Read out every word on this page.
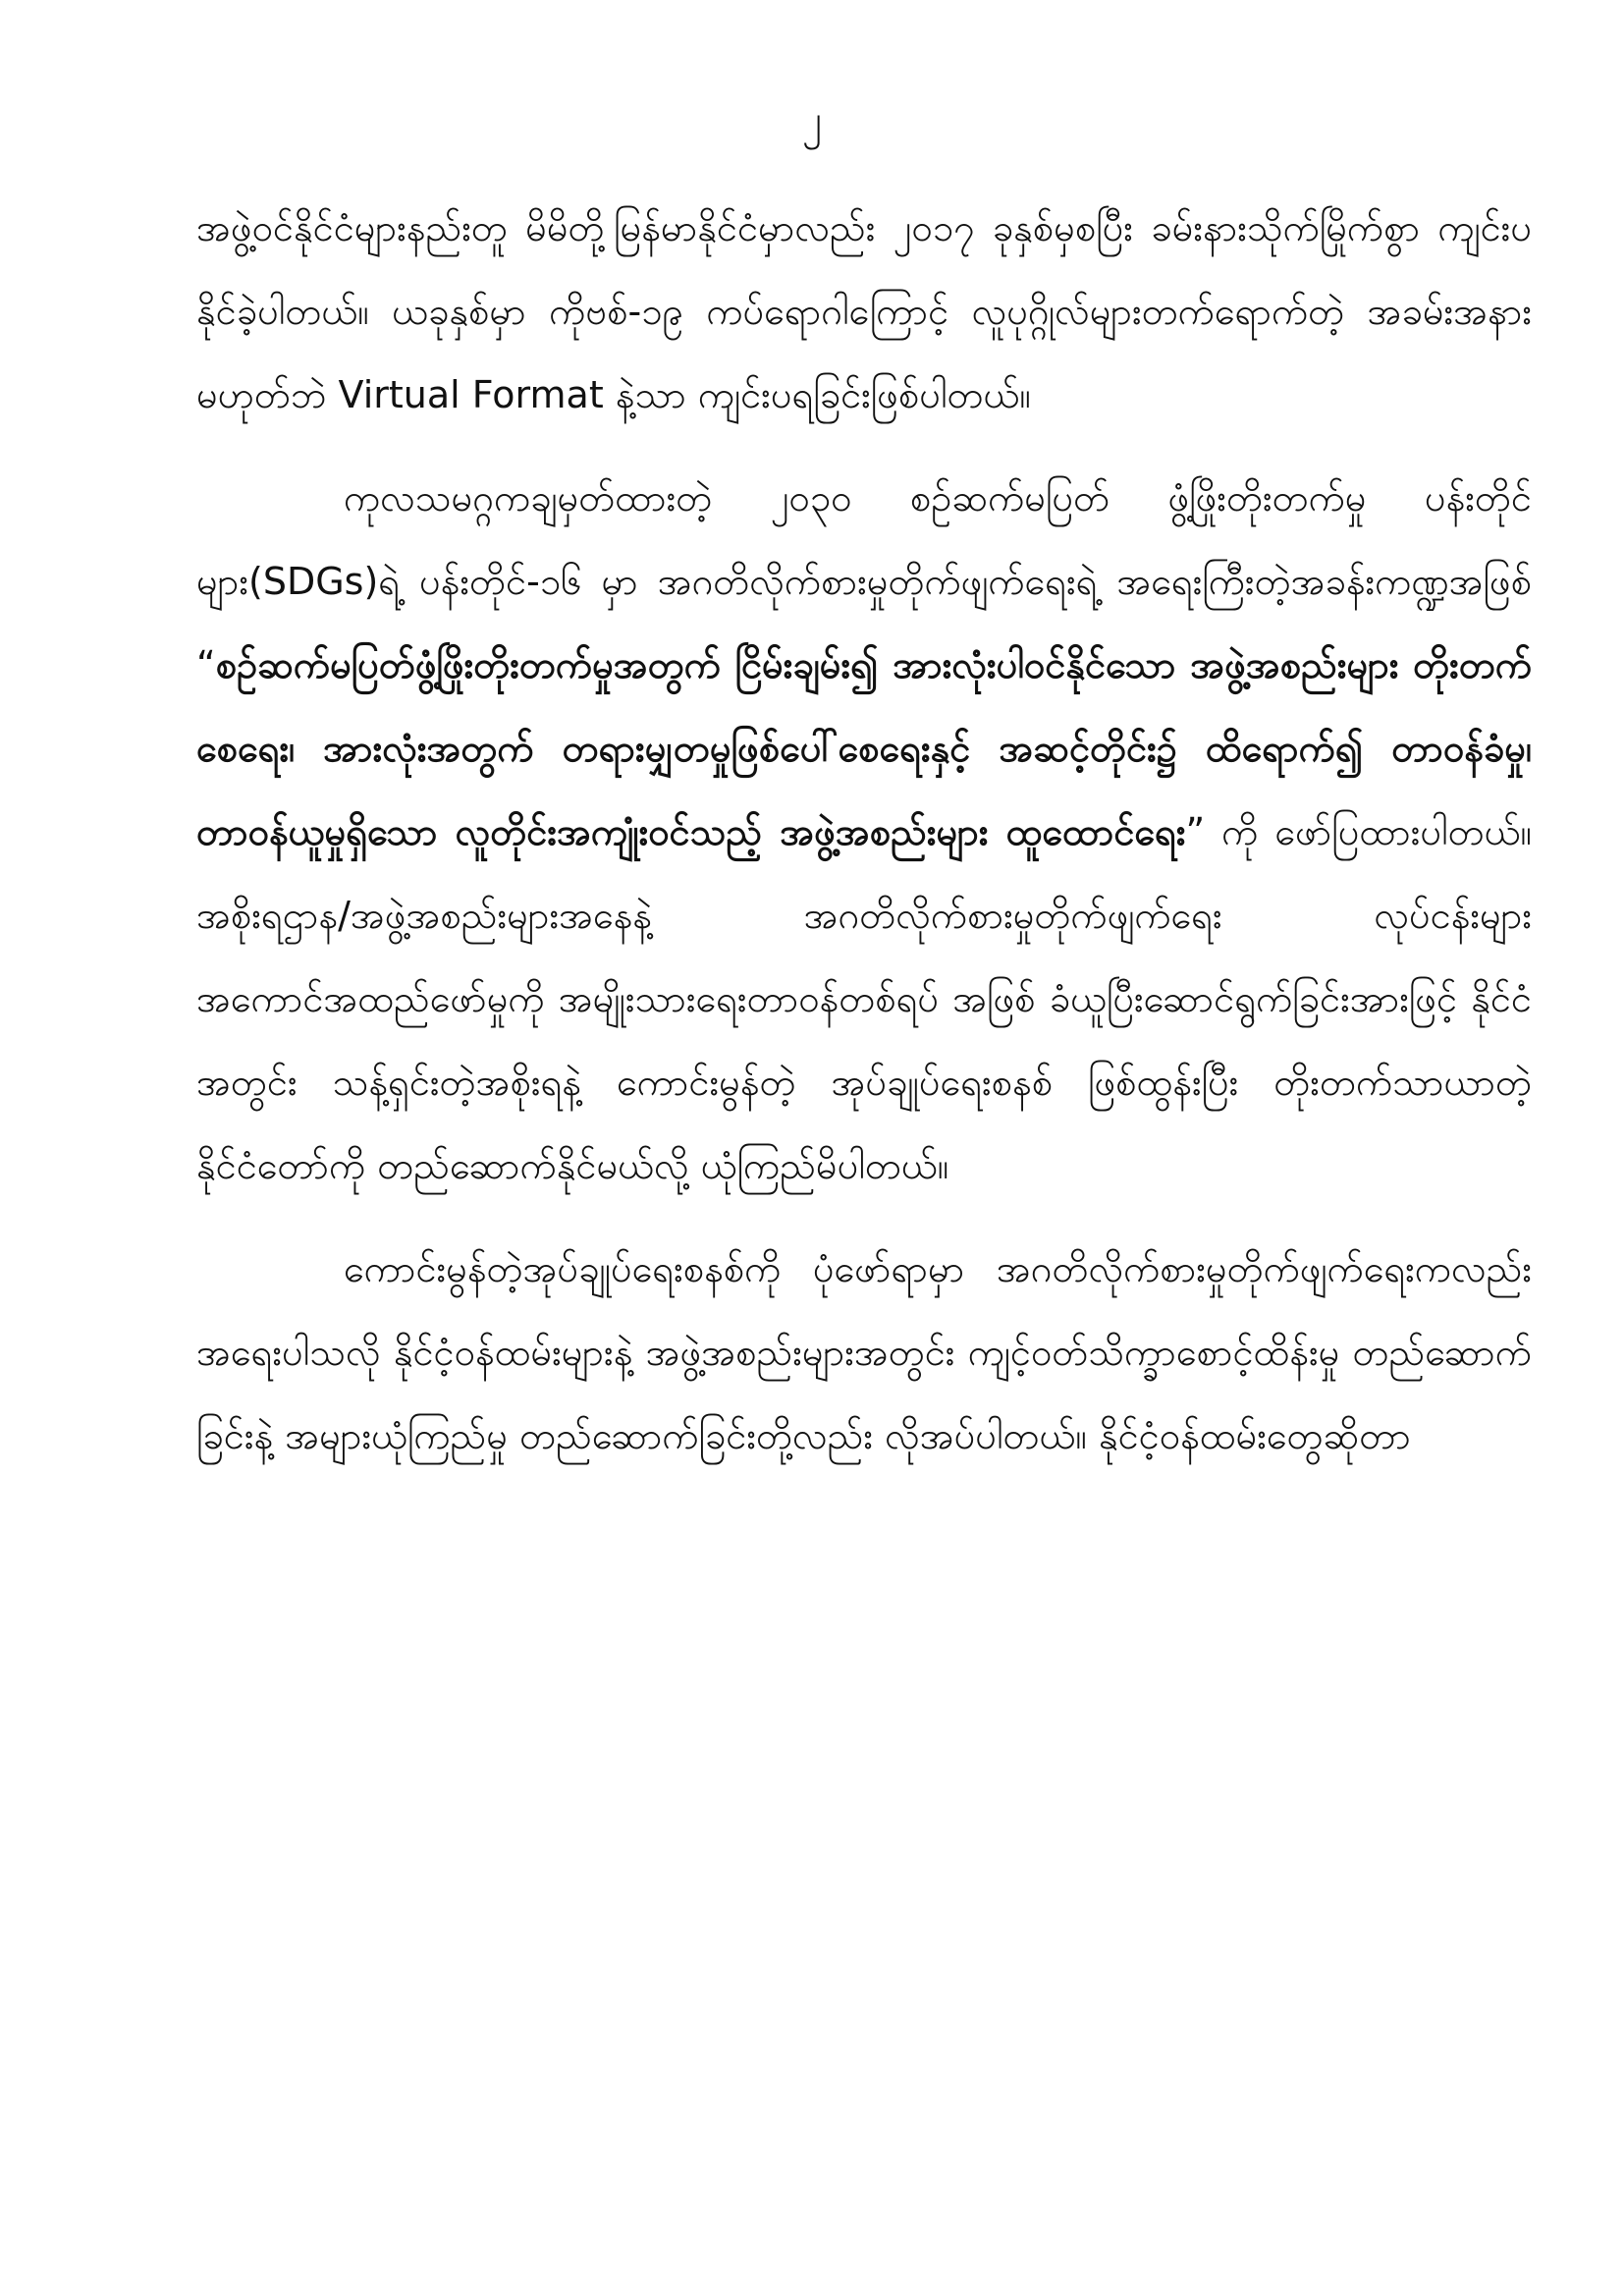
၂

အဖွဲ့ဝင်နိုင်ငံများနည်းတူ မိမိတို့မြန်မာနိုင်ငံမှာလည်း ၂၀၁၇ ခုနှစ်မှစပြီး ခမ်းနားသိုက်မြိုက်စွာ ကျင်းပနိုင်ခဲ့ပါတယ်။ ယခုနှစ်မှာ ကိုဗစ်-၁၉ ကပ်ရောဂါကြောင့် လူပုဂ္ဂိုလ်များတက်ရောက်တဲ့ အခမ်းအနားမဟုတ်ဘဲ Virtual Format နဲ့သာ ကျင်းပရခြင်းဖြစ်ပါတယ်။

ကုလသမဂ္ဂကချမှတ်ထားတဲ့ ၂၀၃၀ စဉ်ဆက်မပြတ် ဖွံ့ဖြိုးတိုးတက်မှု ပန်းတိုင်များ(SDGs)ရဲ့ ပန်းတိုင်-၁၆ မှာ အဂတိလိုက်စားမှုတိုက်ဖျက်ရေးရဲ့ အရေးကြီးတဲ့အခန်းကဏ္ဍအဖြစ် “စဉ်ဆက်မပြတ်ဖွံ့ဖြိုးတိုးတက်မှုအတွက် ငြိမ်းချမ်း၍ အားလုံးပါဝင်နိုင်သော အဖွဲ့အစည်းများ တိုးတက်စေရေး၊ အားလုံးအတွက် တရားမျှတမှုဖြစ်ပေါ်စေရေးနှင့် အဆင့်တိုင်း၌ ထိရောက်၍ တာဝန်ခံမှု၊ တာဝန်ယူမှုရှိသော လူတိုင်းအကျုံးဝင်သည့် အဖွဲ့အစည်းများ ထူထောင်ရေး” ကို ဖော်ပြထားပါတယ်။ အစိုးရဌာန/အဖွဲ့အစည်းများအနေနဲ့ အဂတိလိုက်စားမှုတိုက်ဖျက်ရေး လုပ်ငန်းများ အကောင်အထည်ဖော်မှုကို အမျိုးသားရေးတာဝန်တစ်ရပ် အဖြစ် ခံယူပြီးဆောင်ရွက်ခြင်းအားဖြင့် နိုင်ငံအတွင်း သန့်ရှင်းတဲ့အစိုးရနဲ့ ကောင်းမွန်တဲ့ အုပ်ချုပ်ရေးစနစ် ဖြစ်ထွန်းပြီး တိုးတက်သာယာတဲ့ နိုင်ငံတော်ကို တည်ဆောက်နိုင်မယ်လို့ ယုံကြည်မိပါတယ်။

ကောင်းမွန်တဲ့အုပ်ချုပ်ရေးစနစ်ကို ပုံဖော်ရာမှာ အဂတိလိုက်စားမှုတိုက်ဖျက်ရေးကလည်း အရေးပါသလို နိုင်ငံ့ဝန်ထမ်းများနဲ့ အဖွဲ့အစည်းများအတွင်း ကျင့်ဝတ်သိက္ခာစောင့်ထိန်းမှု တည်ဆောက်ခြင်းနဲ့ အများယုံကြည်မှု တည်ဆောက်ခြင်းတို့လည်း လိုအပ်ပါတယ်။ နိုင်ငံ့ဝန်ထမ်းတွေဆိုတာ
